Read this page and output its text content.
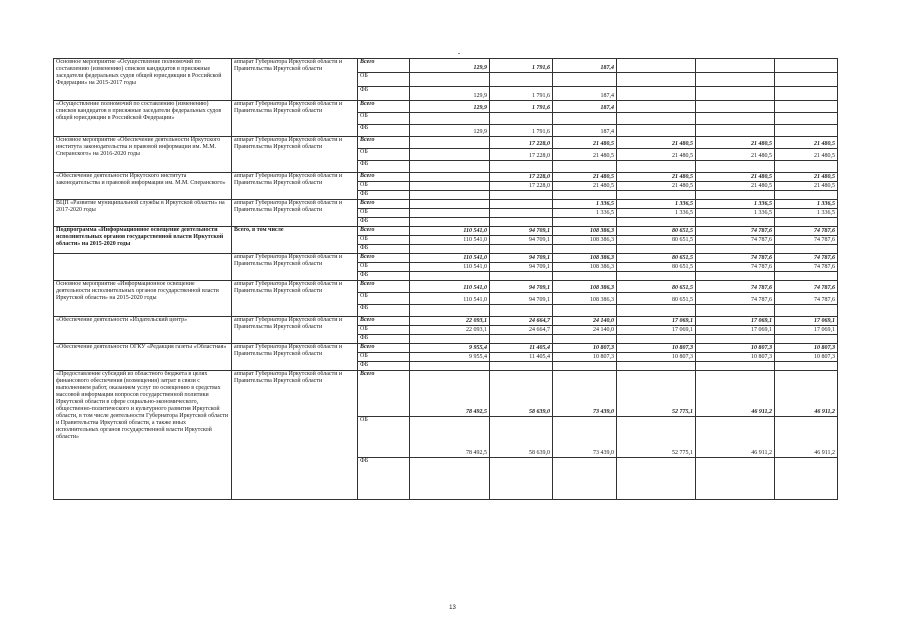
Основное мероприятие «Осуществление полномочий по составлению (изменению) списков кандидатов в присяжные заседатели федеральных судов общей юрисдикции в Российской Федерации» на 2015-2017 годы	аппарат Губернатора Иркутской области и Правительства Иркутской области	Всего	129,9	1 791,6	187,4			
		ОБ						
		ФБ	129,9	1 791,6	187,4			
«Осуществление полномочий по составлению (изменению) списков кандидатов в присяжные заседатели федеральных судов общей юрисдикции в Российской Федерации»	аппарат Губернатора Иркутской области и Правительства Иркутской области	Всего	129,9	1 791,6	187,4			
		ОБ						
		ФБ	129,9	1 791,6	187,4			
Основное мероприятие «Обеспечение деятельности Иркутского института законодательства и правовой информации им. М.М. Сперанского» на 2016-2020 годы	аппарат Губернатора Иркутской области и Правительства Иркутской области	Всего		17 228,0	21 480,5	21 480,5	21 480,5	21 480,5
		ОБ		17 228,0	21 480,5	21 480,5	21 480,5	21 480,5
		ФБ						
«Обеспечение деятельности Иркутского института законодательства и правовой информации им. М.М. Сперанского»	аппарат Губернатора Иркутской области и Правительства Иркутской области	Всего		17 228,0	21 480,5	21 480,5	21 480,5	21 480,5
		ОБ		17 228,0	21 480,5	21 480,5	21 480,5	21 480,5
		ФБ						
ВЦП «Развитие муниципальной службы в Иркутской области» на 2017-2020 годы	аппарат Губернатора Иркутской области и Правительства Иркутской области	Всего			1 336,5	1 336,5	1 336,5	1 336,5
		ОБ			1 336,5	1 336,5	1 336,5	1 336,5
		ФБ						
Подпрограмма «Информационное освещение деятельности исполнительных органов государственной власти Иркутской области» на 2015-2020 годы	Всего, в том числе	Всего	110 541,0	94 709,1	108 386,3	80 651,5	74 787,6	74 787,6
		ОБ	110 541,0	94 709,1	108 386,3	80 651,5	74 787,6	74 787,6
		ФБ						
	аппарат Губернатора Иркутской области и Правительства Иркутской области	Всего	110 541,0	94 709,1	108 386,3	80 651,5	74 787,6	74 787,6
		ОБ	110 541,0	94 709,1	108 386,3	80 651,5	74 787,6	74 787,6
		ФБ						
Основное мероприятие «Информационное освещение деятельности исполнительных органов государственной власти Иркутской области» на 2015-2020 годы	аппарат Губернатора Иркутской области и Правительства Иркутской области	Всего	110 541,0	94 709,1	108 386,3	80 651,5	74 787,6	74 787,6
		ОБ	110 541,0	94 709,1	108 386,3	80 651,5	74 787,6	74 787,6
		ФБ						
«Обеспечение деятельности «Издательский центр»	аппарат Губернатора Иркутской области и Правительства Иркутской области	Всего	22 093,1	24 664,7	24 140,0	17 069,1	17 069,1	17 069,1
		ОБ	22 093,1	24 664,7	24 140,0	17 069,1	17 069,1	17 069,1
		ФБ						
«Обеспечение деятельности ОГКУ «Редакция газеты «Областная»	аппарат Губернатора Иркутской области и Правительства Иркутской области	Всего	9 955,4	11 405,4	10 807,3	10 807,3	10 807,3	10 807,3
		ОБ	9 955,4	11 405,4	10 807,3	10 807,3	10 807,3	10 807,3
		ФБ						
«Предоставление субсидий из областного бюджета в целях финансового обеспечения (возмещения) затрат в связи с выполнением работ, оказанием услуг по освещению в средствах массовой информации вопросов государственной политики Иркутской области в сфере социально-экономического, общественно-политического и культурного развития Иркутской области, в том числе деятельности Губернатора Иркутской области и Правительства Иркутской области, а также иных исполнительных органов государственной власти Иркутской области»	аппарат Губернатора Иркутской области и Правительства Иркутской области	Всего	78 492,5	58 639,0	73 439,0	52 775,1	46 911,2	46 911,2
		ОБ	78 492,5	58 639,0	73 439,0	52 775,1	46 911,2	46 911,2
		ФБ						
13
